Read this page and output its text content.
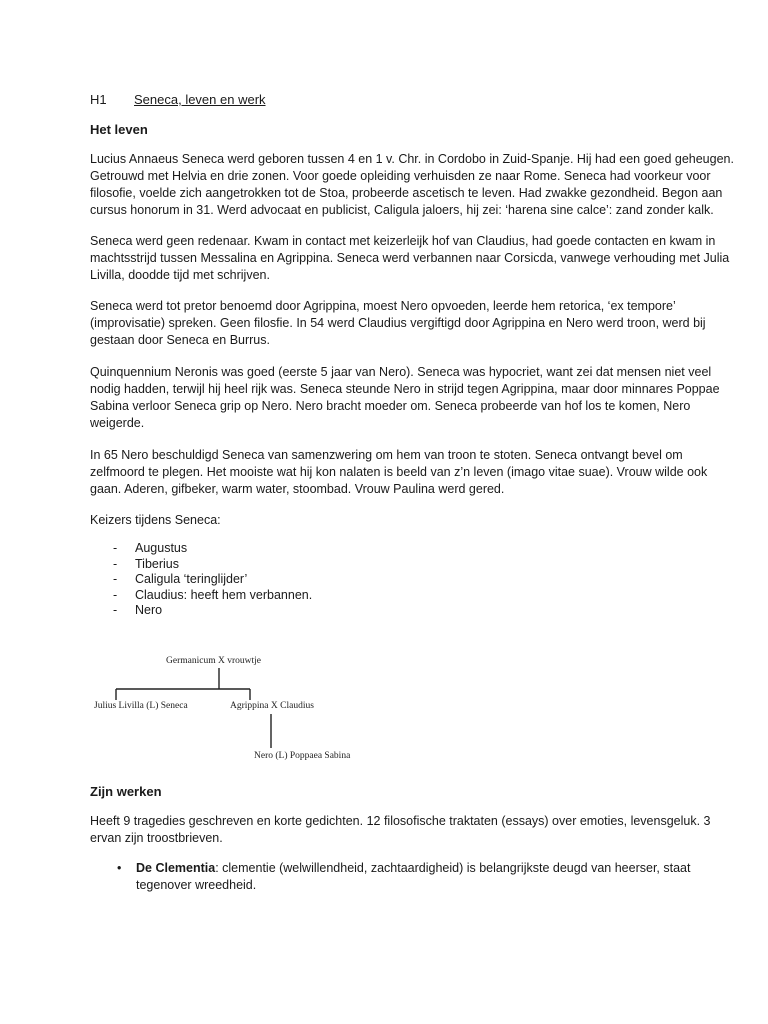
H1 Seneca, leven en werk
Het leven
Lucius Annaeus Seneca werd geboren tussen 4 en 1 v. Chr. in Cordobo in Zuid-Spanje. Hij had een goed geheugen.
Getrouwd met Helvia en drie zonen. Voor goede opleiding verhuisden ze naar Rome. Seneca had voorkeur voor
filosofie, voelde zich aangetrokken tot de Stoa, probeerde ascetisch te leven. Had zwakke gezondheid. Begon aan
cursus honorum in 31. Werd advocaat en publicist, Caligula jaloers, hij zei: ‘harena sine calce’: zand zonder kalk.
Seneca werd geen redenaar. Kwam in contact met keizerleijk hof van Claudius, had goede contacten en kwam in
machtsstrijd tussen Messalina en Agrippina. Seneca werd verbannen naar Corsicda, vanwege verhouding met Julia
Livilla, doodde tijd met schrijven.
Seneca werd tot pretor benoemd door Agrippina, moest Nero opvoeden, leerde hem retorica, ‘ex tempore’
(improvisatie) spreken. Geen filosfie. In 54 werd Claudius vergiftigd door Agrippina en Nero werd troon, werd bij
gestaan door Seneca en Burrus.
Quinquennium Neronis was goed (eerste 5 jaar van Nero). Seneca was hypocriet, want zei dat mensen niet veel
nodig hadden, terwijl hij heel rijk was. Seneca steunde Nero in strijd tegen Agrippina, maar door minnares Poppae
Sabina verloor Seneca grip op Nero. Nero bracht moeder om. Seneca probeerde van hof los te komen, Nero
weigerde.
In 65 Nero beschuldigd Seneca van samenzwering om hem van troon te stoten. Seneca ontvangt bevel om
zelfmoord te plegen. Het mooiste wat hij kon nalaten is beeld van z’n leven (imago vitae suae). Vrouw wilde ook
gaan. Aderen, gifbeker, warm water, stoombad. Vrouw Paulina werd gered.
Keizers tijdens Seneca:
- Augustus
- Tiberius
- Caligula ‘teringlijder’
- Claudius: heeft hem verbannen.
- Nero
Germanicum X vrouwtje
Julius Livilla (L) Seneca	Agrippina X Claudius
Nero (L) Poppaea Sabina
Zijn werken
Heeft 9 tragedies geschreven en korte gedichten. 12 filosofische traktaten (essays) over emoties, levensgeluk. 3
ervan zijn troostbrieven.
• De Clementia: clementie (welwillendheid, zachtaardigheid) is belangrijkste deugd van heerser, staat
tegenover wreedheid.
